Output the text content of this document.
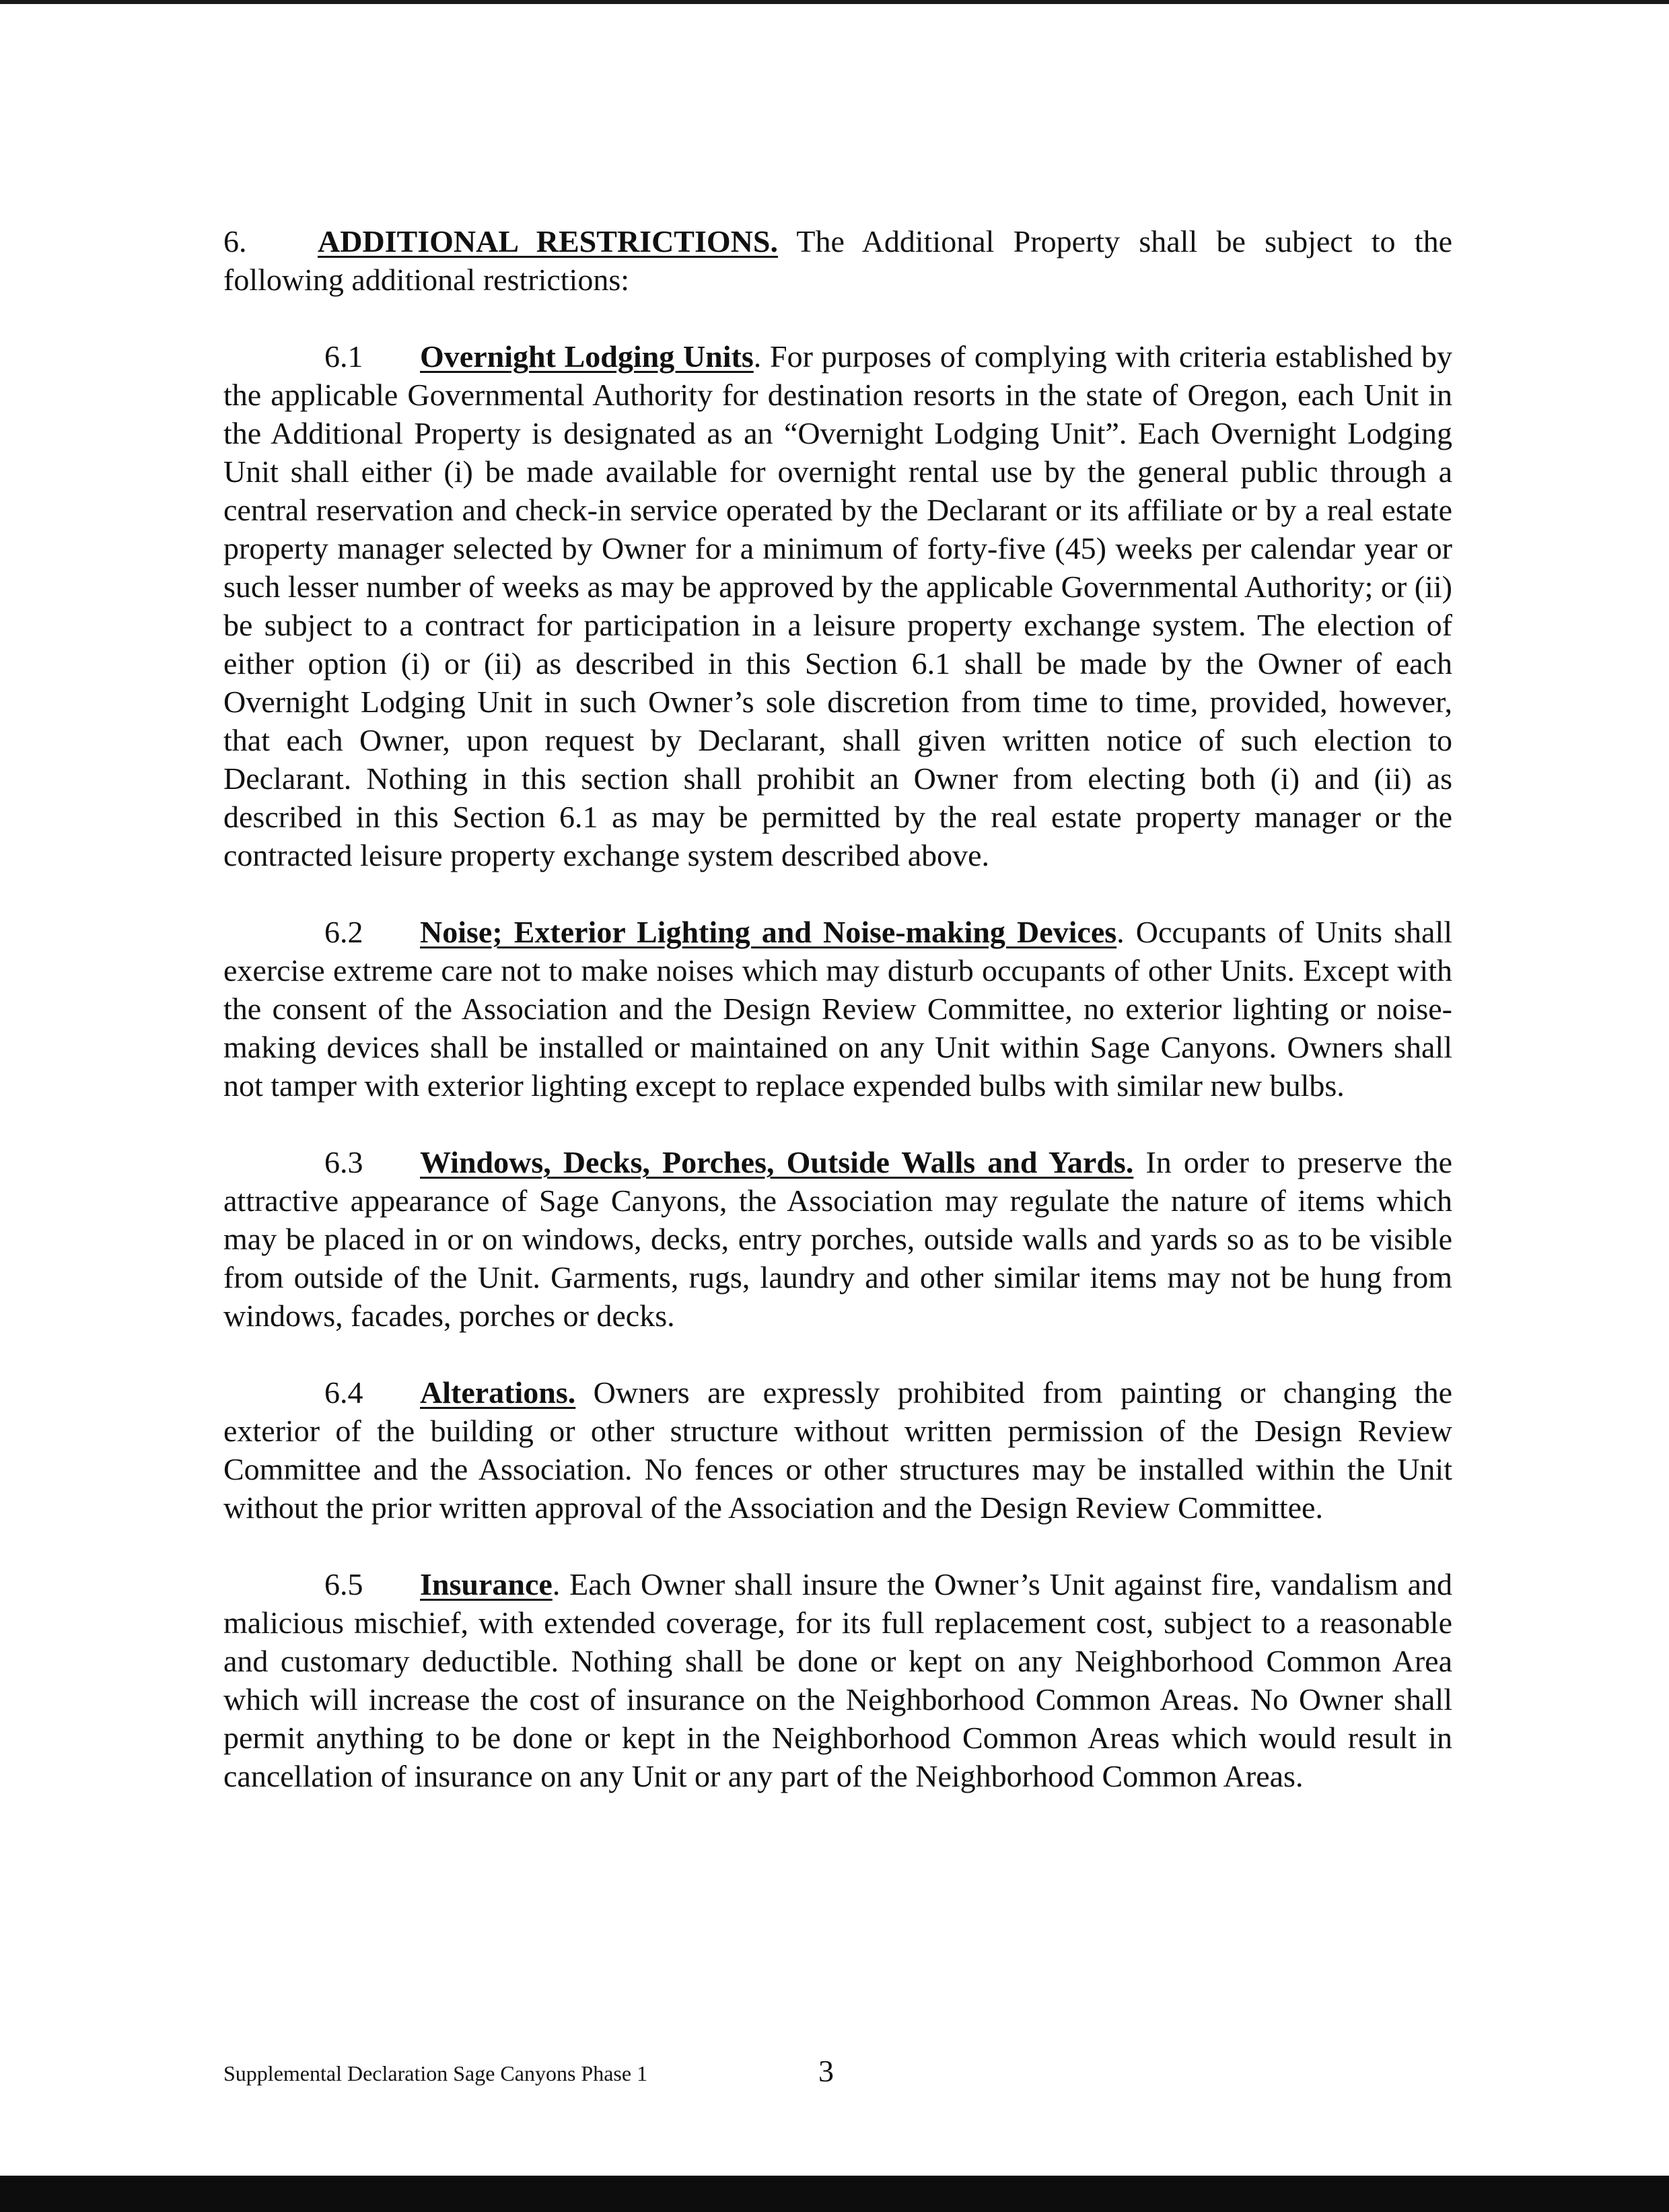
6. ADDITIONAL RESTRICTIONS. The Additional Property shall be subject to the following additional restrictions:

6.1 Overnight Lodging Units. For purposes of complying with criteria established by the applicable Governmental Authority for destination resorts in the state of Oregon, each Unit in the Additional Property is designated as an “Overnight Lodging Unit”. Each Overnight Lodging Unit shall either (i) be made available for overnight rental use by the general public through a central reservation and check-in service operated by the Declarant or its affiliate or by a real estate property manager selected by Owner for a minimum of forty-five (45) weeks per calendar year or such lesser number of weeks as may be approved by the applicable Governmental Authority; or (ii) be subject to a contract for participation in a leisure property exchange system. The election of either option (i) or (ii) as described in this Section 6.1 shall be made by the Owner of each Overnight Lodging Unit in such Owner’s sole discretion from time to time, provided, however, that each Owner, upon request by Declarant, shall given written notice of such election to Declarant. Nothing in this section shall prohibit an Owner from electing both (i) and (ii) as described in this Section 6.1 as may be permitted by the real estate property manager or the contracted leisure property exchange system described above.

6.2 Noise; Exterior Lighting and Noise-making Devices. Occupants of Units shall exercise extreme care not to make noises which may disturb occupants of other Units. Except with the consent of the Association and the Design Review Committee, no exterior lighting or noise-making devices shall be installed or maintained on any Unit within Sage Canyons. Owners shall not tamper with exterior lighting except to replace expended bulbs with similar new bulbs.

6.3 Windows, Decks, Porches, Outside Walls and Yards. In order to preserve the attractive appearance of Sage Canyons, the Association may regulate the nature of items which may be placed in or on windows, decks, entry porches, outside walls and yards so as to be visible from outside of the Unit. Garments, rugs, laundry and other similar items may not be hung from windows, facades, porches or decks.

6.4 Alterations. Owners are expressly prohibited from painting or changing the exterior of the building or other structure without written permission of the Design Review Committee and the Association. No fences or other structures may be installed within the Unit without the prior written approval of the Association and the Design Review Committee.

6.5 Insurance. Each Owner shall insure the Owner’s Unit against fire, vandalism and malicious mischief, with extended coverage, for its full replacement cost, subject to a reasonable and customary deductible. Nothing shall be done or kept on any Neighborhood Common Area which will increase the cost of insurance on the Neighborhood Common Areas. No Owner shall permit anything to be done or kept in the Neighborhood Common Areas which would result in cancellation of insurance on any Unit or any part of the Neighborhood Common Areas.

Supplemental Declaration Sage Canyons Phase 1	3
